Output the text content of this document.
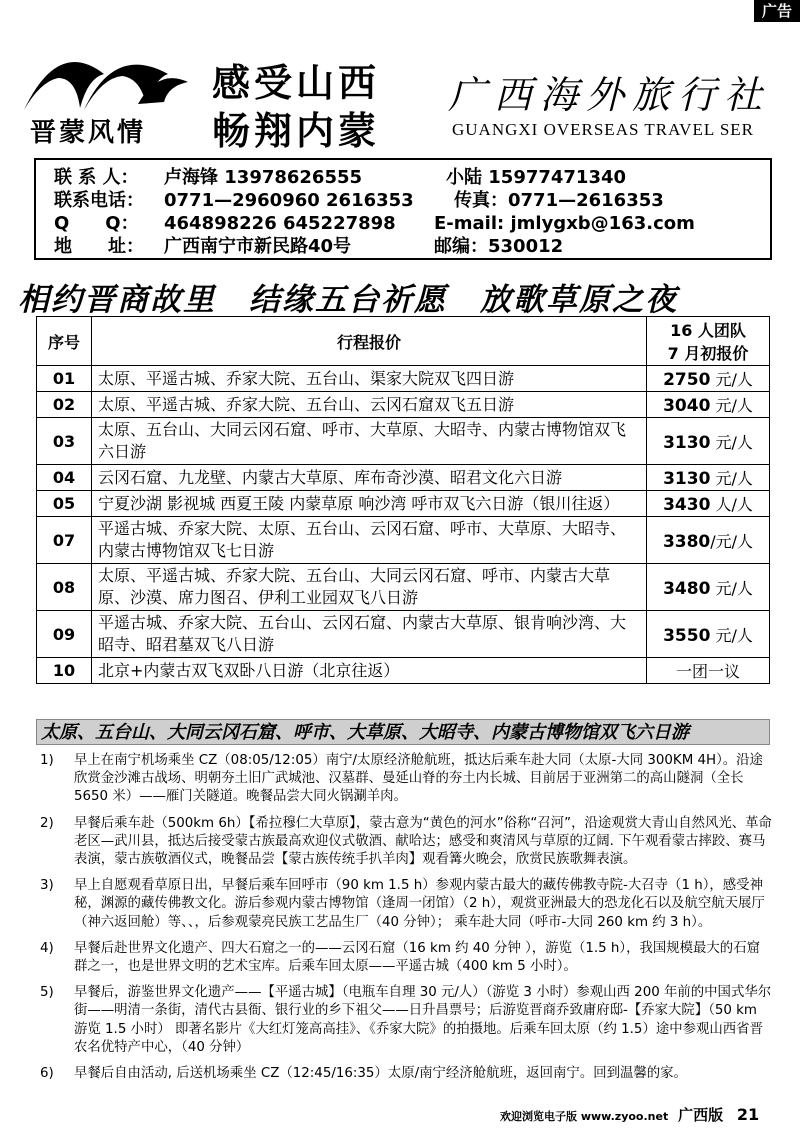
广告
晋蒙风情
感受山西
畅翔内蒙
广西海外旅行社
GUANGXI OVERSEAS TRAVEL SER
联 系 人： 卢海锋 13978626555	小陆 15977471340
联系电话： 0771—2960960 2616353 传真：0771—2616353
Q　　Q： 464898226 645227898 E-mail: jmlygxb@163.com
地　　址： 广西南宁市新民路40号	邮编：530012
相约晋商故里　结缘五台祈愿　放歌草原之夜
序号	行程报价	16 人团队
7 月初报价

01	太原、平遥古城、乔家大院、五台山、渠家大院双飞四日游	2750 元/人
02	太原、平遥古城、乔家大院、五台山、云冈石窟双飞五日游	3040 元/人
03	太原、五台山、大同云冈石窟、呼市、大草原、大昭寺、内蒙古博物馆双飞六日游	3130 元/人
04	云冈石窟、九龙壁、内蒙古大草原、库布奇沙漠、昭君文化六日游	3130 元/人
05	宁夏沙湖 影视城 西夏王陵 内蒙草原 响沙湾 呼市双飞六日游（银川往返）	3430 人/人
07	平遥古城、乔家大院、太原、五台山、云冈石窟、呼市、大草原、大昭寺、内蒙古博物馆双飞七日游	3380/元/人
08	太原、平遥古城、乔家大院、五台山、大同云冈石窟、呼市、内蒙古大草原、沙漠、席力图召、伊利工业园双飞八日游	3480 元/人
09	平遥古城、乔家大院、五台山、云冈石窟、内蒙古大草原、银肯响沙湾、大昭寺、昭君墓双飞八日游	3550 元/人
10	北京+内蒙古双飞双卧八日游（北京往返）	一团一议
太原、五台山、大同云冈石窟、呼市、大草原、大昭寺、内蒙古博物馆双飞六日游
1) 早上在南宁机场乘坐 CZ（08:05/12:05）南宁/太原经济舱航班，抵达后乘车赴大同（太原-大同 300KM 4H）。沿途欣赏金沙滩古战场、明朝夯土旧广武城池、汉墓群、曼延山脊的夯土内长城、目前居于亚洲第二的高山隧洞（全长 5650 米）——雁门关隧道。晚餐品尝大同火锅涮羊肉。
2) 早餐后乘车赴（500km 6h）【希拉穆仁大草原】，蒙古意为“黄色的河水”俗称“召河”，沿途观赏大青山自然风光、革命老区—武川县，抵达后接受蒙古族最高欢迎仪式敬酒、献哈达；感受和爽清风与草原的辽阔. 下午观看蒙古摔跤、赛马表演，蒙古族敬酒仪式，晚餐品尝【蒙古族传统手扒羊肉】观看篝火晚会，欣赏民族歌舞表演。
3) 早上自愿观看草原日出，早餐后乘车回呼市（90 km 1.5 h）参观内蒙古最大的藏传佛教寺院-大召寺（1 h），感受神秘，渊源的藏传佛教文化。游后参观内蒙古博物馆（逢周一闭馆）（2 h），观赏亚洲最大的恐龙化石以及航空航天展厅（神六返回舱）等、、，后参观蒙亮民族工艺品生厂（40 分钟）； 乘车赴大同（呼市-大同 260 km 约 3 h）。
4) 早餐后赴世界文化遗产、四大石窟之一的——云冈石窟（16 km 约 40 分钟 ），游览（1.5 h），我国规模最大的石窟群之一，也是世界文明的艺术宝库。后乘车回太原——平遥古城（400 km 5 小时）。
5) 早餐后，游鉴世界文化遗产——【平遥古城】（电瓶车自理 30 元/人）（游览 3 小时）参观山西 200 年前的中国式华尔街——明清一条街，清代古县衙、银行业的乡下祖父——日升昌票号；后游览晋商乔致庸府邸-【乔家大院】（50 km 游览 1.5 小时） 即著名影片《大红灯笼高高挂》、《乔家大院》的拍摄地。后乘车回太原（约 1.5）途中参观山西省晋农名优特产中心，（40 分钟）
6) 早餐后自由活动, 后送机场乘坐 CZ（12:45/16:35）太原/南宁经济舱航班，返回南宁。回到温馨的家。
欢迎浏览电子版 www.zyoo.net 广西版 21
